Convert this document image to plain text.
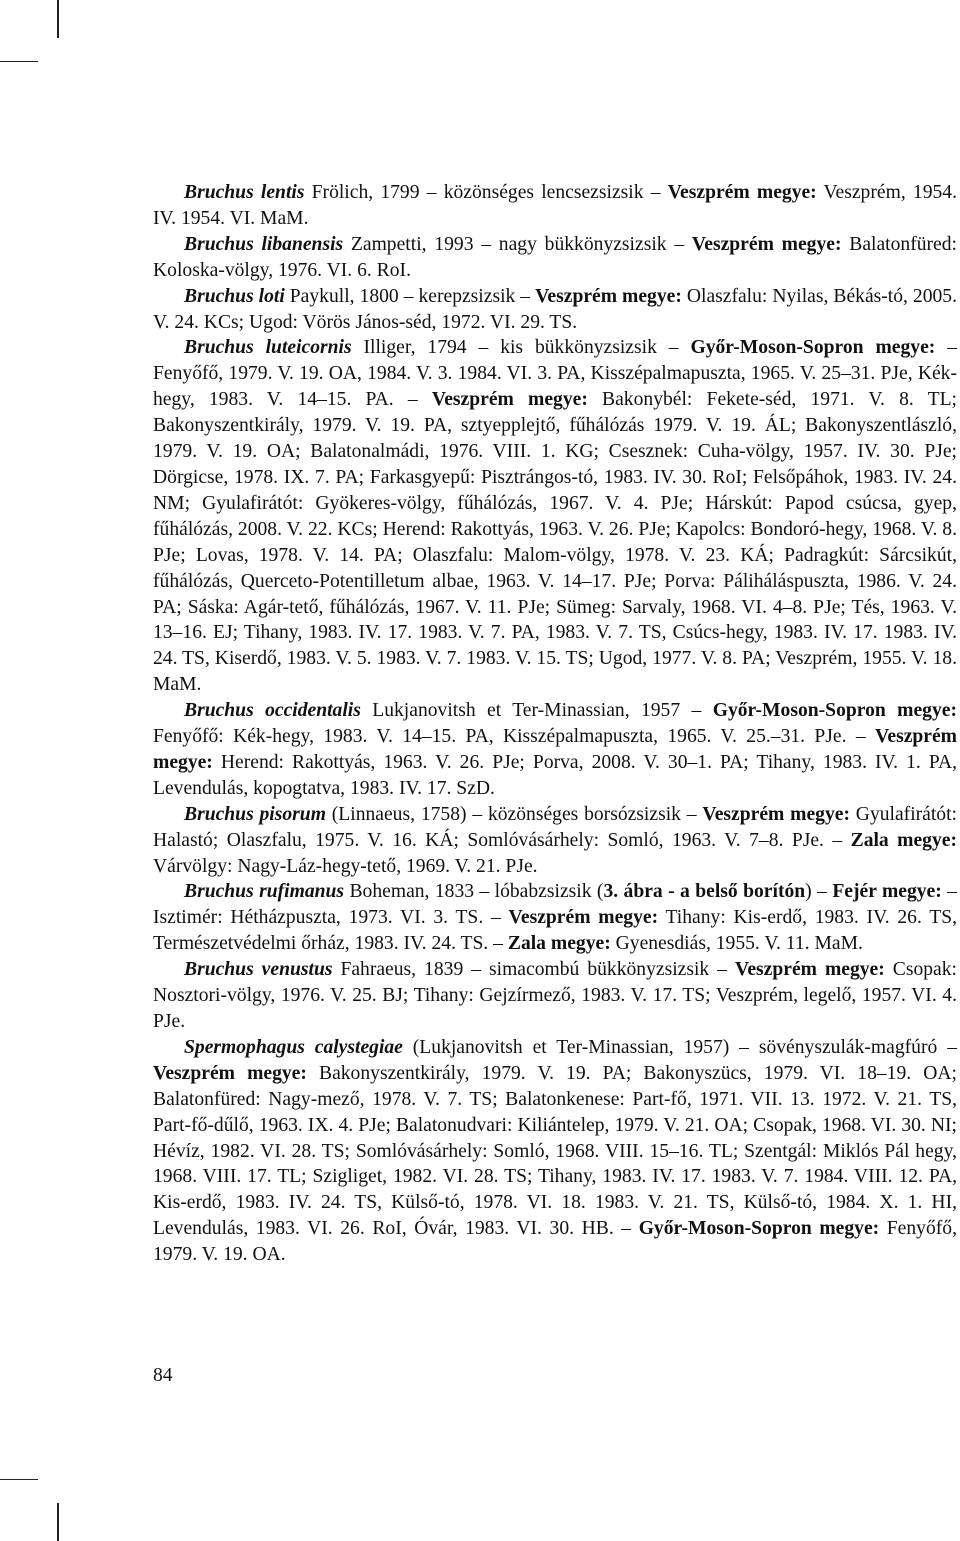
Bruchus lentis Frölich, 1799 – közönséges lencsezsizsik – Veszprém megye: Veszprém, 1954. IV. 1954. VI. MaM.

Bruchus libanensis Zampetti, 1993 – nagy bükkönyzsizsik – Veszprém megye: Balatonfüred: Koloska-völgy, 1976. VI. 6. RoI.

Bruchus loti Paykull, 1800 – kerepzsizsik – Veszprém megye: Olaszfalu: Nyilas, Békás-tó, 2005. V. 24. KCs; Ugod: Vörös János-séd, 1972. VI. 29. TS.

Bruchus luteicornis Illiger, 1794 – kis bükkönyzsizsik – Győr-Moson-Sopron megye: – Fenyőfő, 1979. V. 19. OA, 1984. V. 3. 1984. VI. 3. PA, Kisszépalmapuszta, 1965. V. 25–31. PJe, Kék-hegy, 1983. V. 14–15. PA. – Veszprém megye: Bakonybél: Fekete-séd, 1971. V. 8. TL; Bakonyszentkirály, 1979. V. 19. PA, sztyepplejtő, fűhálózás 1979. V. 19. ÁL; Bakonyszentlászló, 1979. V. 19. OA; Balatonalmádi, 1976. VIII. 1. KG; Csesznek: Cuha-völgy, 1957. IV. 30. PJe; Dörgicse, 1978. IX. 7. PA; Farkasgyepű: Pisztrángos-tó, 1983. IV. 30. RoI; Felsőpáhok, 1983. IV. 24. NM; Gyulafirátót: Gyökeres-völgy, fűhálózás, 1967. V. 4. PJe; Hárskút: Papod csúcsa, gyep, fűhálózás, 2008. V. 22. KCs; Herend: Rakottyás, 1963. V. 26. PJe; Kapolcs: Bondoró-hegy, 1968. V. 8. PJe; Lovas, 1978. V. 14. PA; Olaszfalu: Malom-völgy, 1978. V. 23. KÁ; Padragkút: Sárcsikút, fűhálózás, Querceto-Potentilletum albae, 1963. V. 14–17. PJe; Porva: Páliháláspuszta, 1986. V. 24. PA; Sáska: Agár-tető, fűhálózás, 1967. V. 11. PJe; Sümeg: Sarvaly, 1968. VI. 4–8. PJe; Tés, 1963. V. 13–16. EJ; Tihany, 1983. IV. 17. 1983. V. 7. PA, 1983. V. 7. TS, Csúcs-hegy, 1983. IV. 17. 1983. IV. 24. TS, Kiserdő, 1983. V. 5. 1983. V. 7. 1983. V. 15. TS; Ugod, 1977. V. 8. PA; Veszprém, 1955. V. 18. MaM.

Bruchus occidentalis Lukjanovitsh et Ter-Minassian, 1957 – Győr-Moson-Sopron megye: Fenyőfő: Kék-hegy, 1983. V. 14–15. PA, Kisszépalmapuszta, 1965. V. 25.–31. PJe. – Veszprém megye: Herend: Rakottyás, 1963. V. 26. PJe; Porva, 2008. V. 30–1. PA; Tihany, 1983. IV. 1. PA, Levendulás, kopogtatva, 1983. IV. 17. SzD.

Bruchus pisorum (Linnaeus, 1758) – közönséges borsózsizsik – Veszprém megye: Gyulafirátót: Halastó; Olaszfalu, 1975. V. 16. KÁ; Somlóvásárhely: Somló, 1963. V. 7–8. PJe. – Zala megye: Várvölgy: Nagy-Láz-hegy-tető, 1969. V. 21. PJe.

Bruchus rufimanus Boheman, 1833 – lóbabzsizsik (3. ábra - a belső borítón) – Fejér megye: – Isztimér: Hétházpuszta, 1973. VI. 3. TS. – Veszprém megye: Tihany: Kis-erdő, 1983. IV. 26. TS, Természetvédelmi őrház, 1983. IV. 24. TS. – Zala megye: Gyenesdiás, 1955. V. 11. MaM.

Bruchus venustus Fahraeus, 1839 – simacombú bükkönyzsizsik – Veszprém megye: Csopak: Nosztori-völgy, 1976. V. 25. BJ; Tihany: Gejzírmező, 1983. V. 17. TS; Veszprém, legelő, 1957. VI. 4. PJe.

Spermophagus calystegiae (Lukjanovitsh et Ter-Minassian, 1957) – sövényszulák-magfúró – Veszprém megye: Bakonyszentkirály, 1979. V. 19. PA; Bakonyszücs, 1979. VI. 18–19. OA; Balatonfüred: Nagy-mező, 1978. V. 7. TS; Balatonkenese: Part-fő, 1971. VII. 13. 1972. V. 21. TS, Part-fő-dűlő, 1963. IX. 4. PJe; Balatonudvari: Kiliántelep, 1979. V. 21. OA; Csopak, 1968. VI. 30. NI; Hévíz, 1982. VI. 28. TS; Somlóvásárhely: Somló, 1968. VIII. 15–16. TL; Szentgál: Miklós Pál hegy, 1968. VIII. 17. TL; Szigliget, 1982. VI. 28. TS; Tihany, 1983. IV. 17. 1983. V. 7. 1984. VIII. 12. PA, Kis-erdő, 1983. IV. 24. TS, Külső-tó, 1978. VI. 18. 1983. V. 21. TS, Külső-tó, 1984. X. 1. HI, Levendulás, 1983. VI. 26. RoI, Óvár, 1983. VI. 30. HB. – Győr-Moson-Sopron megye: Fenyőfő, 1979. V. 19. OA.

84
